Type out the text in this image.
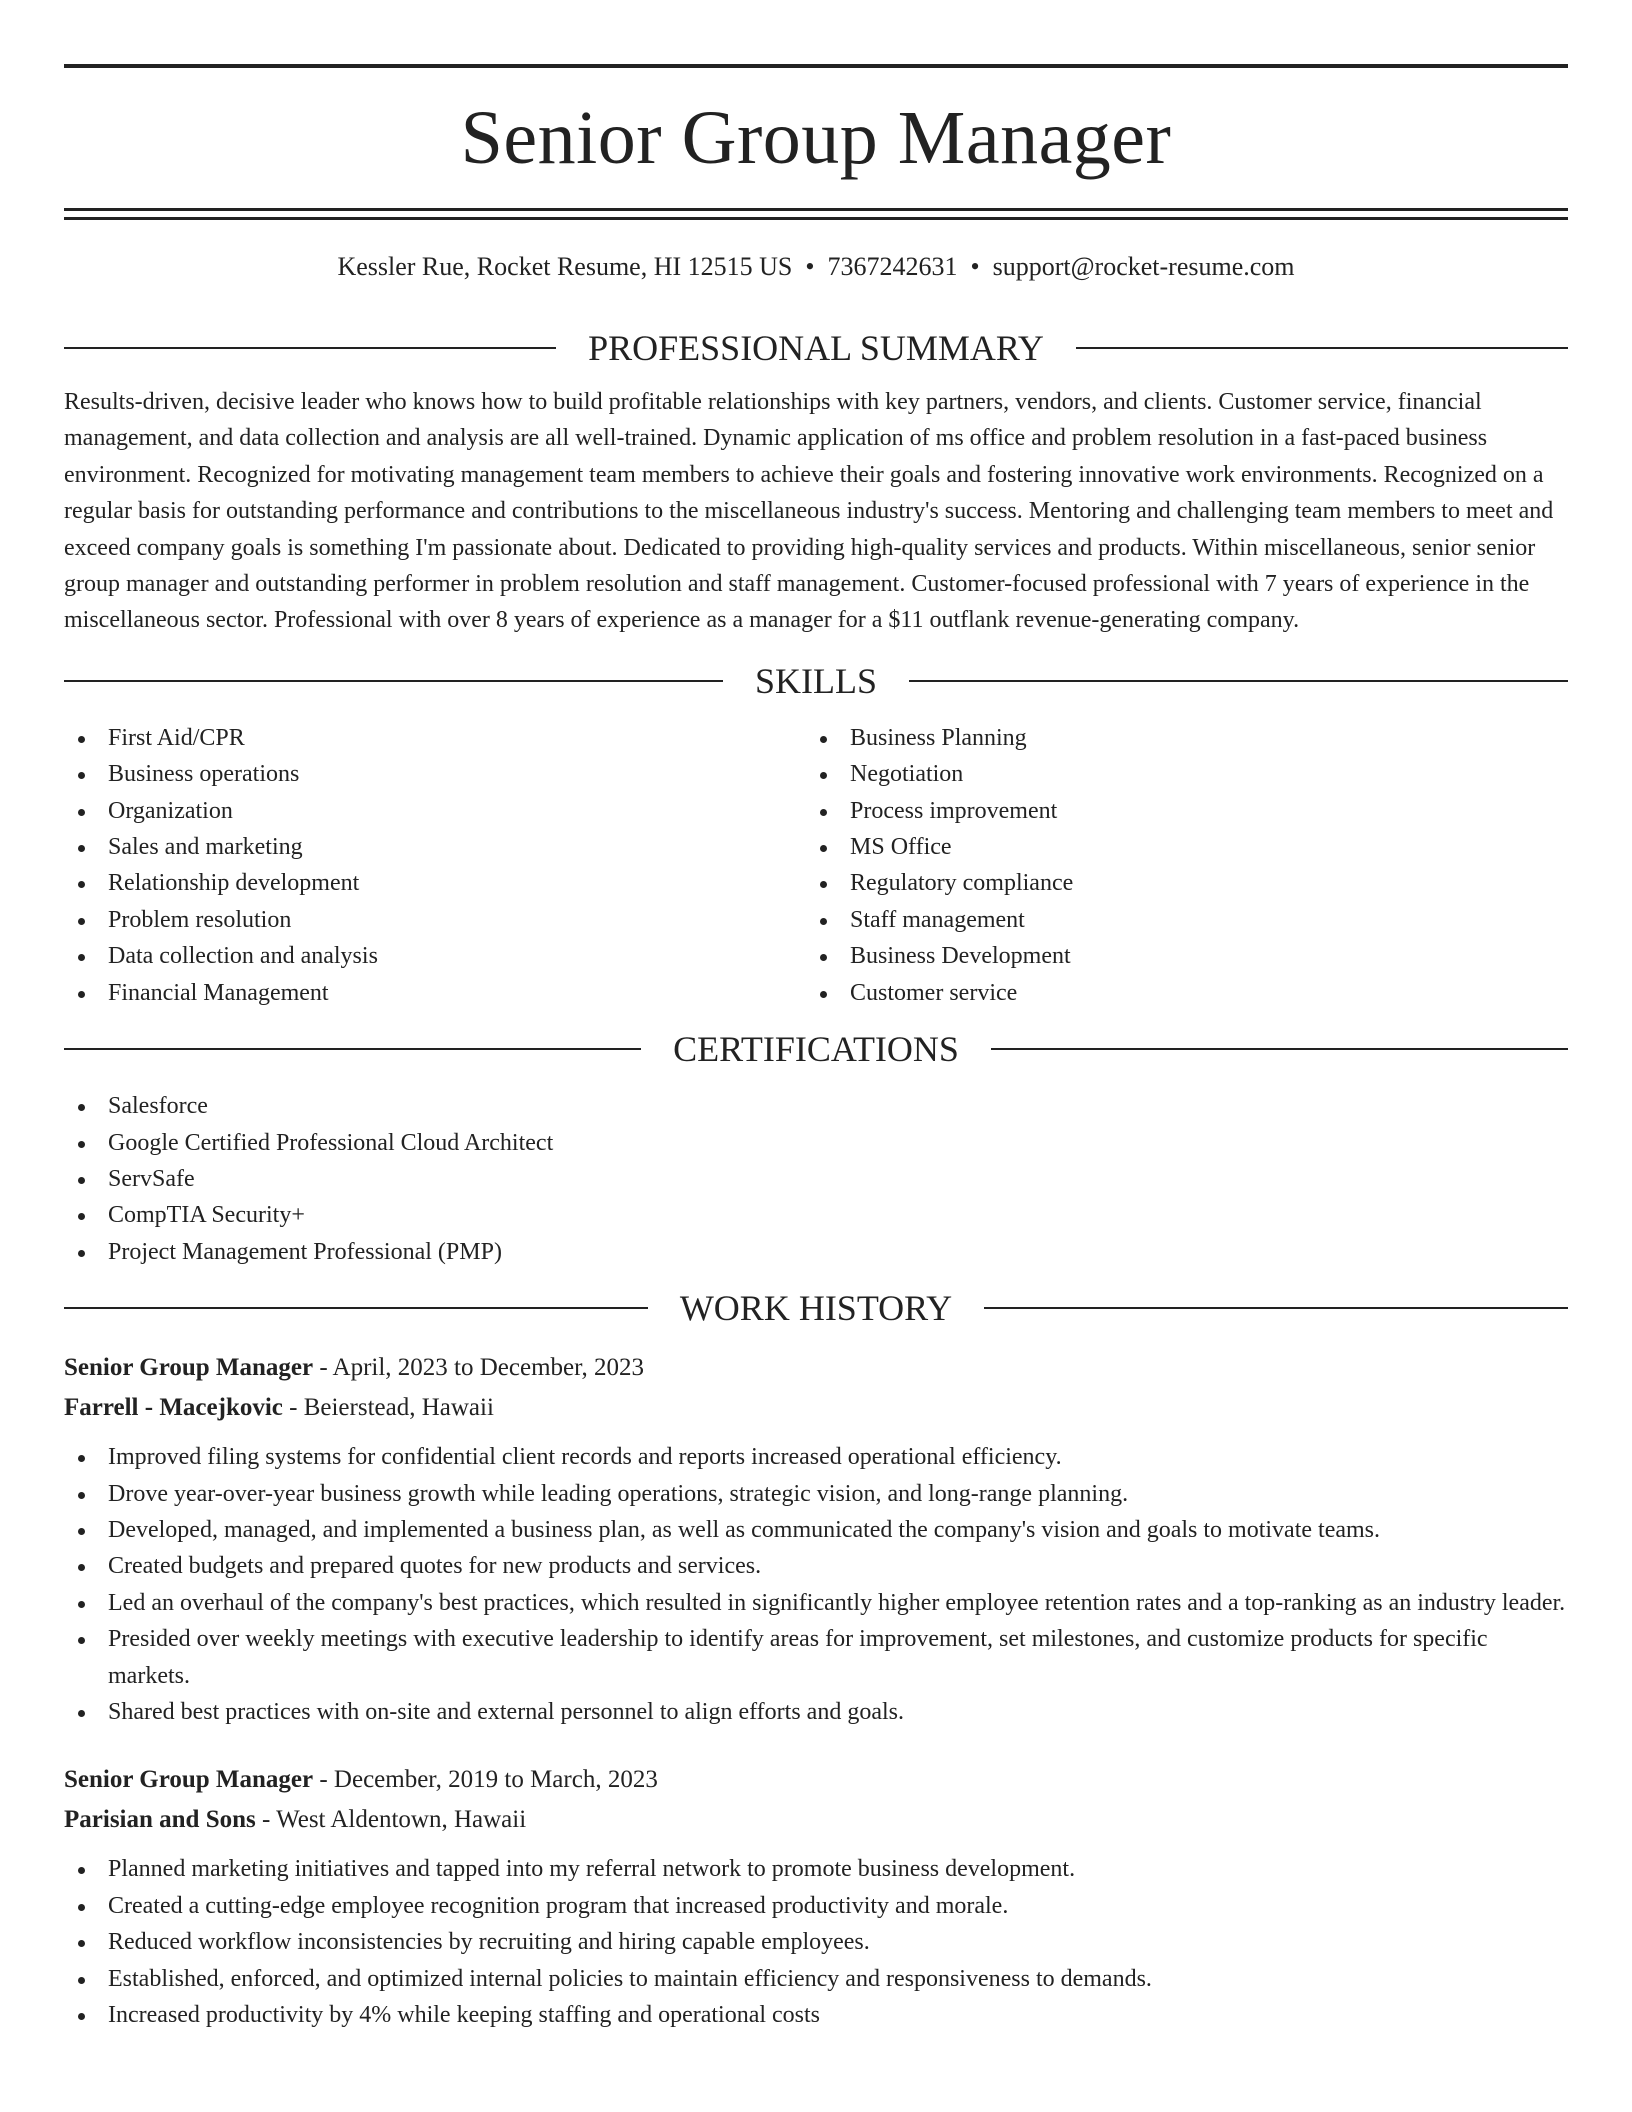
Senior Group Manager
Kessler Rue, Rocket Resume, HI 12515 US • 7367242631 • support@rocket-resume.com
PROFESSIONAL SUMMARY

Results-driven, decisive leader who knows how to build profitable relationships with key partners, vendors, and clients. Customer service, financial management, and data collection and analysis are all well-trained. Dynamic application of ms office and problem resolution in a fast-paced business environment. Recognized for motivating management team members to achieve their goals and fostering innovative work environments. Recognized on a regular basis for outstanding performance and contributions to the miscellaneous industry's success. Mentoring and challenging team members to meet and exceed company goals is something I'm passionate about. Dedicated to providing high-quality services and products. Within miscellaneous, senior senior group manager and outstanding performer in problem resolution and staff management. Customer-focused professional with 7 years of experience in the miscellaneous sector. Professional with over 8 years of experience as a manager for a $11 outflank revenue-generating company.

SKILLS
First Aid/CPR
Business operations
Organization
Sales and marketing
Relationship development
Problem resolution
Data collection and analysis
Financial Management
Business Planning
Negotiation
Process improvement
MS Office
Regulatory compliance
Staff management
Business Development
Customer service
CERTIFICATIONS
Salesforce
Google Certified Professional Cloud Architect
ServSafe
CompTIA Security+
Project Management Professional (PMP)
WORK HISTORY
Senior Group Manager - April, 2023 to December, 2023
Farrell - Macejkovic - Beierstead, Hawaii
Improved filing systems for confidential client records and reports increased operational efficiency.
Drove year-over-year business growth while leading operations, strategic vision, and long-range planning.
Developed, managed, and implemented a business plan, as well as communicated the company's vision and goals to motivate teams.
Created budgets and prepared quotes for new products and services.
Led an overhaul of the company's best practices, which resulted in significantly higher employee retention rates and a top-ranking as an industry leader.
Presided over weekly meetings with executive leadership to identify areas for improvement, set milestones, and customize products for specific markets.
Shared best practices with on-site and external personnel to align efforts and goals.
Senior Group Manager - December, 2019 to March, 2023
Parisian and Sons - West Aldentown, Hawaii
Planned marketing initiatives and tapped into my referral network to promote business development.
Created a cutting-edge employee recognition program that increased productivity and morale.
Reduced workflow inconsistencies by recruiting and hiring capable employees.
Established, enforced, and optimized internal policies to maintain efficiency and responsiveness to demands.
Increased productivity by 4% while keeping staffing and operational costs
